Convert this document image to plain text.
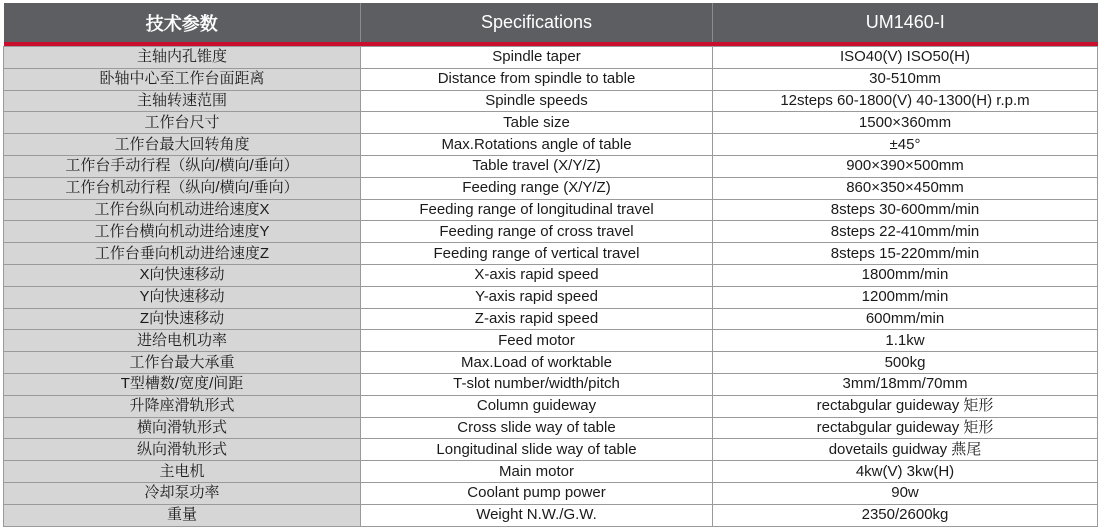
技术参数	Specifications	UM1460-I

主轴内孔锥度	Spindle taper	ISO40(V) ISO50(H)
卧轴中心至工作台面距离	Distance from spindle to table	30-510mm
主轴转速范围	Spindle speeds	12steps 60-1800(V) 40-1300(H) r.p.m
工作台尺寸	Table size	1500×360mm
工作台最大回转角度	Max.Rotations angle of table	±45°
工作台手动行程（纵向/横向/垂向）	Table travel (X/Y/Z)	900×390×500mm
工作台机动行程（纵向/横向/垂向）	Feeding range (X/Y/Z)	860×350×450mm
工作台纵向机动进给速度X	Feeding range of longitudinal travel	8steps 30-600mm/min
工作台横向机动进给速度Y	Feeding range of cross travel	8steps 22-410mm/min
工作台垂向机动进给速度Z	Feeding range of vertical travel	8steps 15-220mm/min
X向快速移动	X-axis rapid speed	1800mm/min
Y向快速移动	Y-axis rapid speed	1200mm/min
Z向快速移动	Z-axis rapid speed	600mm/min
进给电机功率	Feed motor	1.1kw
工作台最大承重	Max.Load of worktable	500kg
T型槽数/宽度/间距	T-slot number/width/pitch	3mm/18mm/70mm
升降座滑轨形式	Column guideway	rectabgular guideway 矩形
横向滑轨形式	Cross slide way of table	rectabgular guideway 矩形
纵向滑轨形式	Longitudinal slide way of table	dovetails guidway 燕尾
主电机	Main motor	4kw(V) 3kw(H)
冷却泵功率	Coolant pump power	90w
重量	Weight N.W./G.W.	2350/2600kg
